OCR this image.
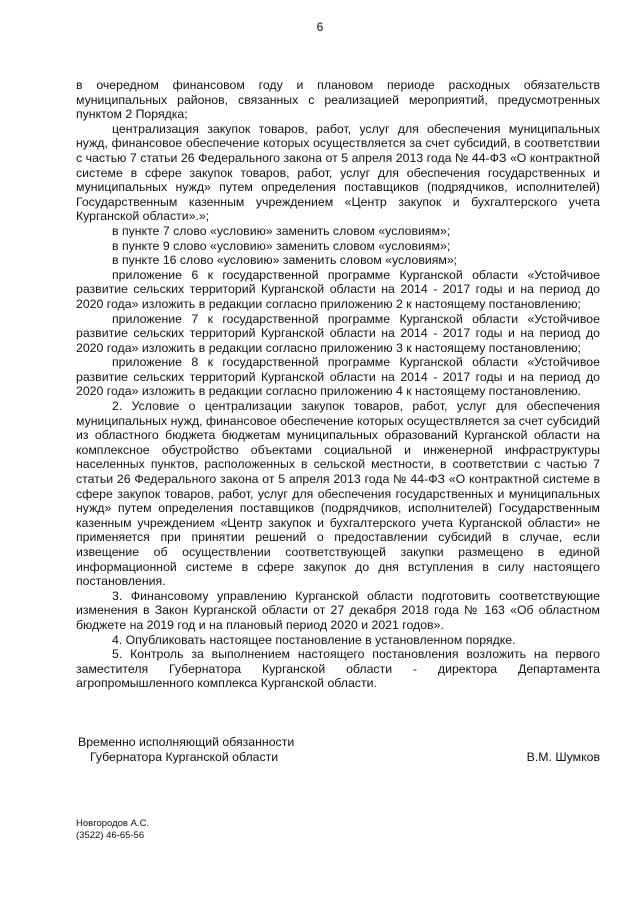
6

в очередном финансовом году и плановом периоде расходных обязательств муниципальных районов, связанных с реализацией мероприятий, предусмотренных пунктом 2 Порядка;

централизация закупок товаров, работ, услуг для обеспечения муниципальных нужд, финансовое обеспечение которых осуществляется за счет субсидий, в соответствии с частью 7 статьи 26 Федерального закона от 5 апреля 2013 года № 44-ФЗ «О контрактной системе в сфере закупок товаров, работ, услуг для обеспечения государственных и муниципальных нужд» путем определения поставщиков (подрядчиков, исполнителей) Государственным казенным учреждением «Центр закупок и бухгалтерского учета Курганской области».»;

в пункте 7 слово «условию» заменить словом «условиям»;

в пункте 9 слово «условию» заменить словом «условиям»;

в пункте 16 слово «условию» заменить словом «условиям»;

приложение 6 к государственной программе Курганской области «Устойчивое развитие сельских территорий Курганской области на 2014 - 2017 годы и на период до 2020 года» изложить в редакции согласно приложению 2 к настоящему постановлению;

приложение 7 к государственной программе Курганской области «Устойчивое развитие сельских территорий Курганской области на 2014 - 2017 годы и на период до 2020 года» изложить в редакции согласно приложению 3 к настоящему постановлению;

приложение 8 к государственной программе Курганской области «Устойчивое развитие сельских территорий Курганской области на 2014 - 2017 годы и на период до 2020 года» изложить в редакции согласно приложению 4 к настоящему постановлению.

2. Условие о централизации закупок товаров, работ, услуг для обеспечения муниципальных нужд, финансовое обеспечение которых осуществляется за счет субсидий из областного бюджета бюджетам муниципальных образований Курганской области на комплексное обустройство объектами социальной и инженерной инфраструктуры населенных пунктов, расположенных в сельской местности, в соответствии с частью 7 статьи 26 Федерального закона от 5 апреля 2013 года № 44-ФЗ «О контрактной системе в сфере закупок товаров, работ, услуг для обеспечения государственных и муниципальных нужд» путем определения поставщиков (подрядчиков, исполнителей) Государственным казенным учреждением «Центр закупок и бухгалтерского учета Курганской области» не применяется при принятии решений о предоставлении субсидий в случае, если извещение об осуществлении соответствующей закупки размещено в единой информационной системе в сфере закупок до дня вступления в силу настоящего постановления.

3. Финансовому управлению Курганской области подготовить соответствующие изменения в Закон Курганской области от 27 декабря 2018 года № 163 «Об областном бюджете на 2019 год и на плановый период 2020 и 2021 годов».

4. Опубликовать настоящее постановление в установленном порядке.

5. Контроль за выполнением настоящего постановления возложить на первого заместителя Губернатора Курганской области - директора Департамента агропромышленного комплекса Курганской области.

Временно исполняющий обязанности
Губернатора Курганской области	В.М. Шумков
Новгородов А.С.
(3522) 46-65-56
